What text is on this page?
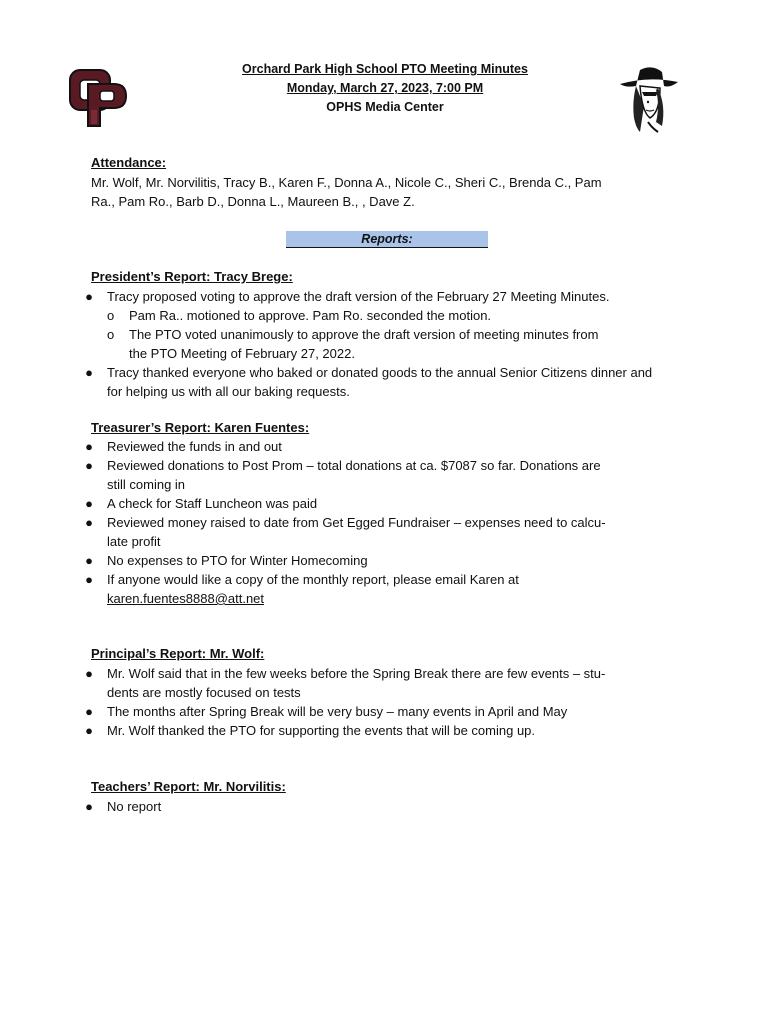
Orchard Park High School PTO Meeting Minutes
Monday, March 27, 2023, 7:00 PM
OPHS Media Center
Attendance:
Mr. Wolf, Mr. Norvilitis, Tracy B., Karen F., Donna A., Nicole C., Sheri C., Brenda C., Pam
Ra., Pam Ro., Barb D., Donna L., Maureen B., , Dave Z.
Reports:
President’s Report: Tracy Brege:
● Tracy proposed voting to approve the draft version of the February 27 Meeting Minutes.
o Pam Ra.. motioned to approve. Pam Ro. seconded the motion.
o The PTO voted unanimously to approve the draft version of meeting minutes from
the PTO Meeting of February 27, 2022.
● Tracy thanked everyone who baked or donated goods to the annual Senior Citizens dinner and
for helping us with all our baking requests.
Treasurer’s Report: Karen Fuentes:
● Reviewed the funds in and out
● Reviewed donations to Post Prom – total donations at ca. $7087 so far. Donations are
still coming in
● A check for Staff Luncheon was paid
● Reviewed money raised to date from Get Egged Fundraiser – expenses need to calcu-
late profit
● No expenses to PTO for Winter Homecoming
● If anyone would like a copy of the monthly report, please email Karen at
karen.fuentes8888@att.net
Principal’s Report: Mr. Wolf:
● Mr. Wolf said that in the few weeks before the Spring Break there are few events – stu-
dents are mostly focused on tests
● The months after Spring Break will be very busy – many events in April and May
● Mr. Wolf thanked the PTO for supporting the events that will be coming up.
Teachers’ Report: Mr. Norvilitis:
● No report
